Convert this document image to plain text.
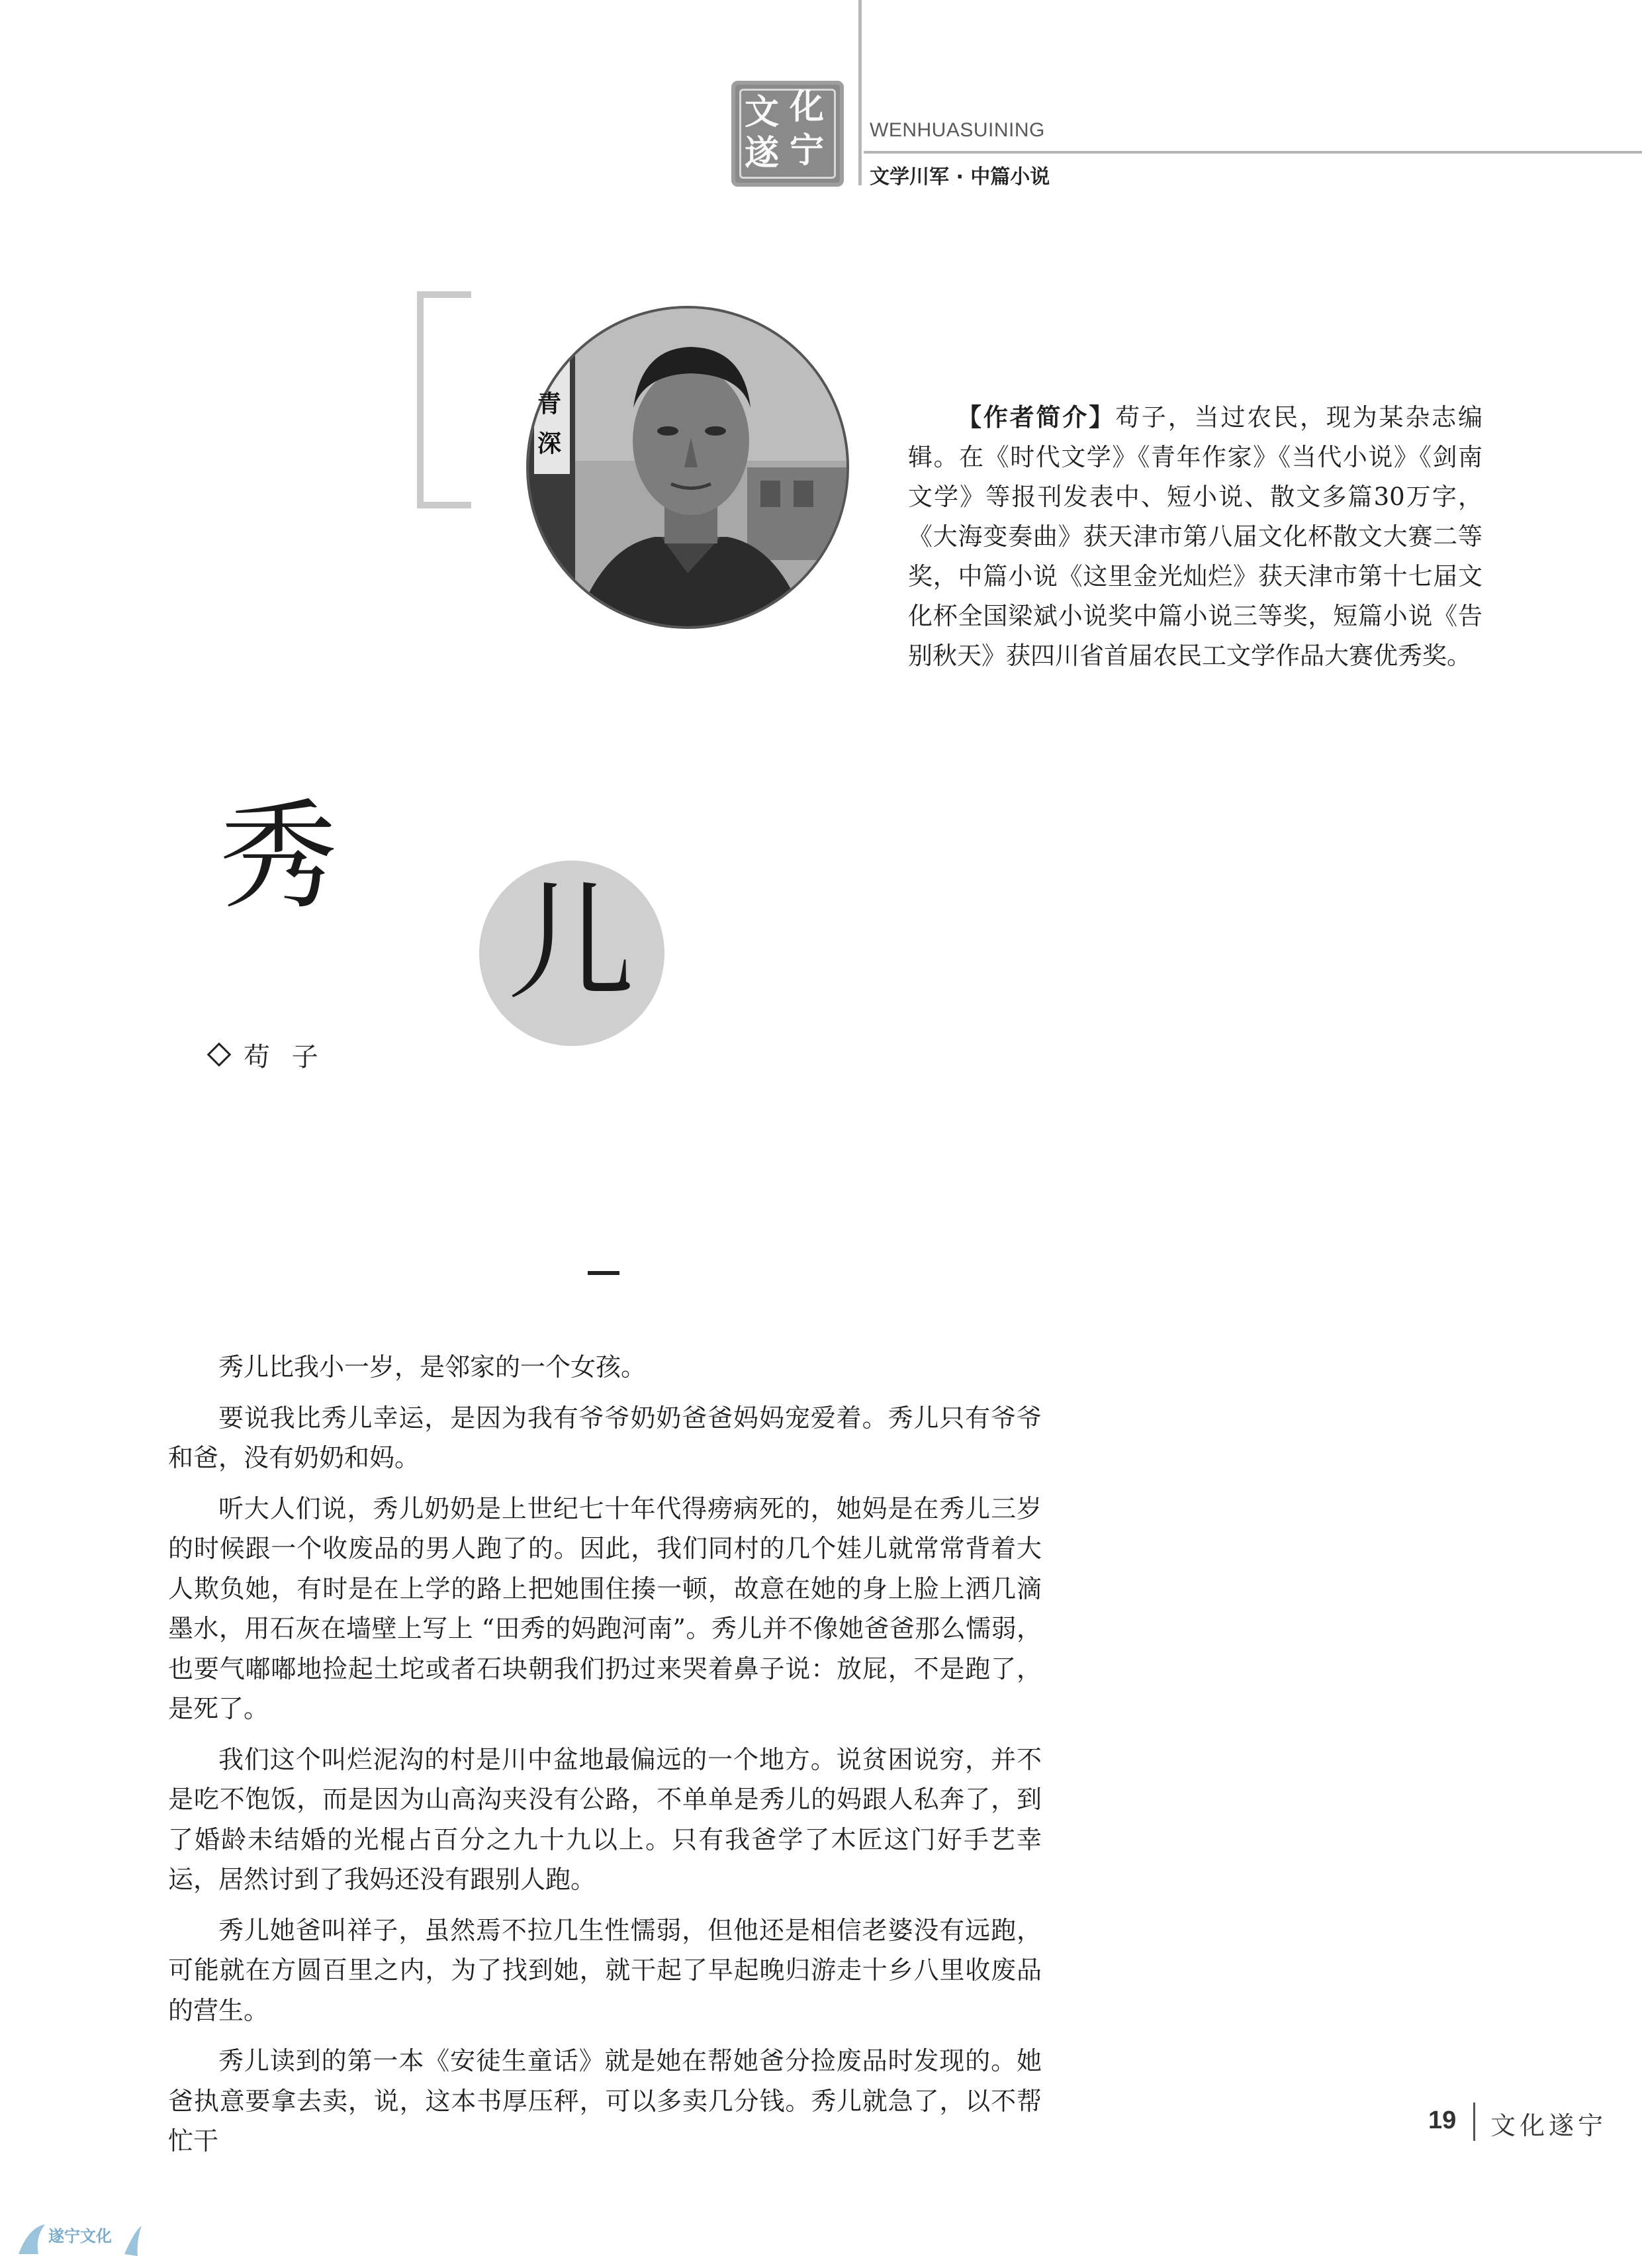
文 化
遂 宁
WENHUASUINING
文学川军 · 中篇小说
青 深

【作者简介】苟子，当过农民，现为某杂志编辑。在《时代文学》《青年作家》《当代小说》《剑南文学》等报刊发表中、短小说、散文多篇30万字，《大海变奏曲》获天津市第八届文化杯散文大赛二等奖，中篇小说《这里金光灿烂》获天津市第十七届文化杯全国梁斌小说奖中篇小说三等奖，短篇小说《告别秋天》获四川省首届农民工文学作品大赛优秀奖。

秀
儿
苟 子

秀儿比我小一岁，是邻家的一个女孩。

要说我比秀儿幸运，是因为我有爷爷奶奶爸爸妈妈宠爱着。秀儿只有爷爷和爸，没有奶奶和妈。

听大人们说，秀儿奶奶是上世纪七十年代得痨病死的，她妈是在秀儿三岁的时候跟一个收废品的男人跑了的。因此，我们同村的几个娃儿就常常背着大人欺负她，有时是在上学的路上把她围住揍一顿，故意在她的身上脸上洒几滴墨水，用石灰在墙壁上写上 “田秀的妈跑河南”。秀儿并不像她爸爸那么懦弱，也要气嘟嘟地捡起土坨或者石块朝我们扔过来哭着鼻子说：放屁，不是跑了，是死了。

我们这个叫烂泥沟的村是川中盆地最偏远的一个地方。说贫困说穷，并不是吃不饱饭，而是因为山高沟夹没有公路，不单单是秀儿的妈跟人私奔了，到了婚龄未结婚的光棍占百分之九十九以上。只有我爸学了木匠这门好手艺幸运，居然讨到了我妈还没有跟别人跑。

秀儿她爸叫祥子，虽然焉不拉几生性懦弱，但他还是相信老婆没有远跑，可能就在方圆百里之内，为了找到她，就干起了早起晚归游走十乡八里收废品的营生。

秀儿读到的第一本《安徒生童话》就是她在帮她爸分捡废品时发现的。她爸执意要拿去卖，说，这本书厚压秤，可以多卖几分钱。秀儿就急了，以不帮忙干

19 文化遂宁
遂宁文化
